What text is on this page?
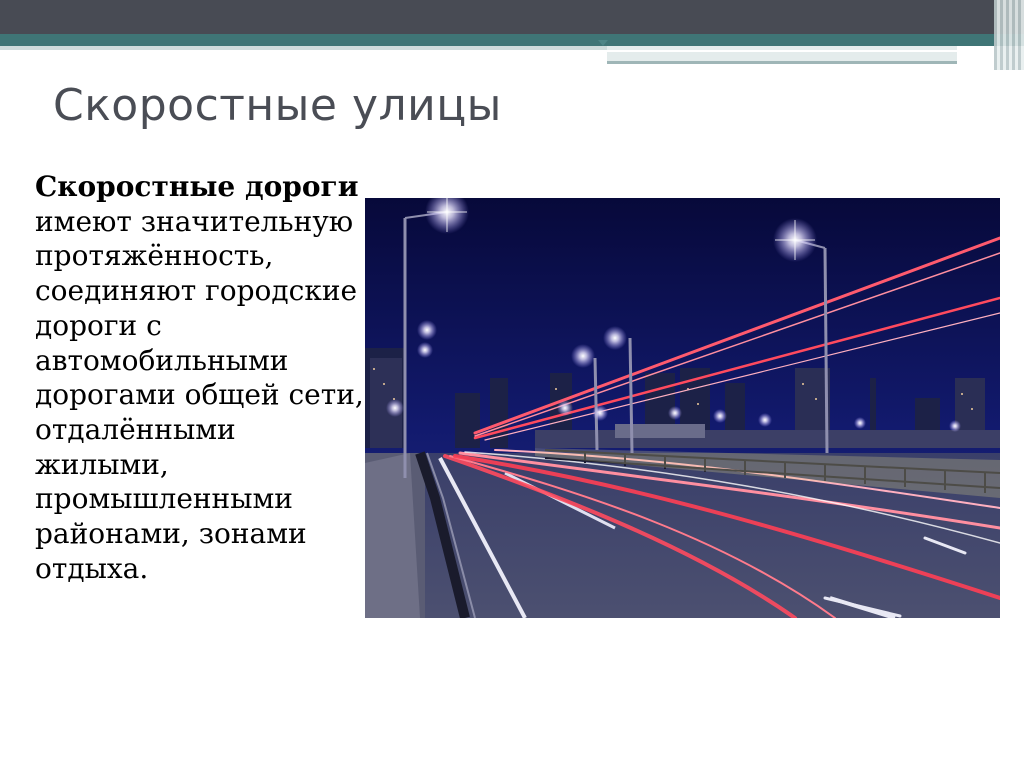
Скоростные улицы
Скоростные дороги имеют значительную протяжённость, соединяют городские дороги с автомобильными дорогами общей сети, отдалёнными жилыми, промышленными районами, зонами отдыха.
